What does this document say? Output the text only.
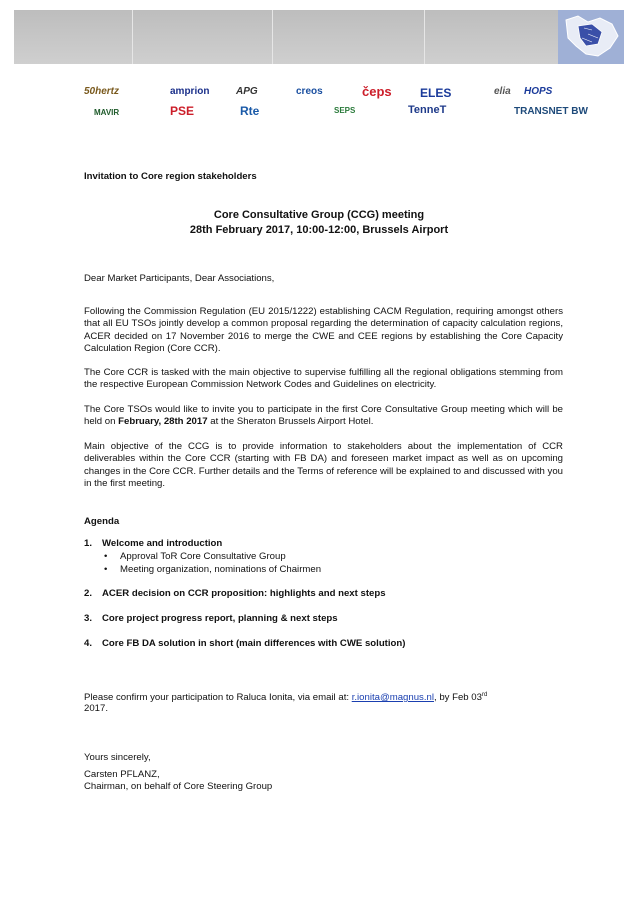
50hertz	amprion	APG	creos	čeps ELES	elia HOPS
MAVIR	PSE	Rte	SEPS	TenneT	TRANSNET BW
Invitation to Core region stakeholders
Core Consultative Group (CCG) meeting
28th February 2017, 10:00-12:00, Brussels Airport
Dear Market Participants, Dear Associations,
Following the Commission Regulation (EU 2015/1222) establishing CACM Regulation, requiring amongst others that all EU TSOs jointly develop a common proposal regarding the determination of capacity calculation regions, ACER decided on 17 November 2016 to merge the CWE and CEE regions by establishing the Core Capacity Calculation Region (Core CCR).
The Core CCR is tasked with the main objective to supervise fulfilling all the regional obligations stemming from the respective European Commission Network Codes and Guidelines on electricity.
The Core TSOs would like to invite you to participate in the first Core Consultative Group meeting which will be held on February, 28th 2017 at the Sheraton Brussels Airport Hotel.
Main objective of the CCG is to provide information to stakeholders about the implementation of CCR deliverables within the Core CCR (starting with FB DA) and foreseen market impact as well as on upcoming changes in the Core CCR. Further details and the Terms of reference will be explained to and discussed with you in the first meeting.
Agenda
1. Welcome and introduction
• Approval ToR Core Consultative Group
• Meeting organization, nominations of Chairmen
2. ACER decision on CCR proposition: highlights and next steps
3. Core project progress report, planning & next steps
4. Core FB DA solution in short (main differences with CWE solution)
Please confirm your participation to Raluca Ionita, via email at: r.ionita@magnus.nl, by Feb 03rd
2017.
Yours sincerely,
Carsten PFLANZ,
Chairman, on behalf of Core Steering Group
